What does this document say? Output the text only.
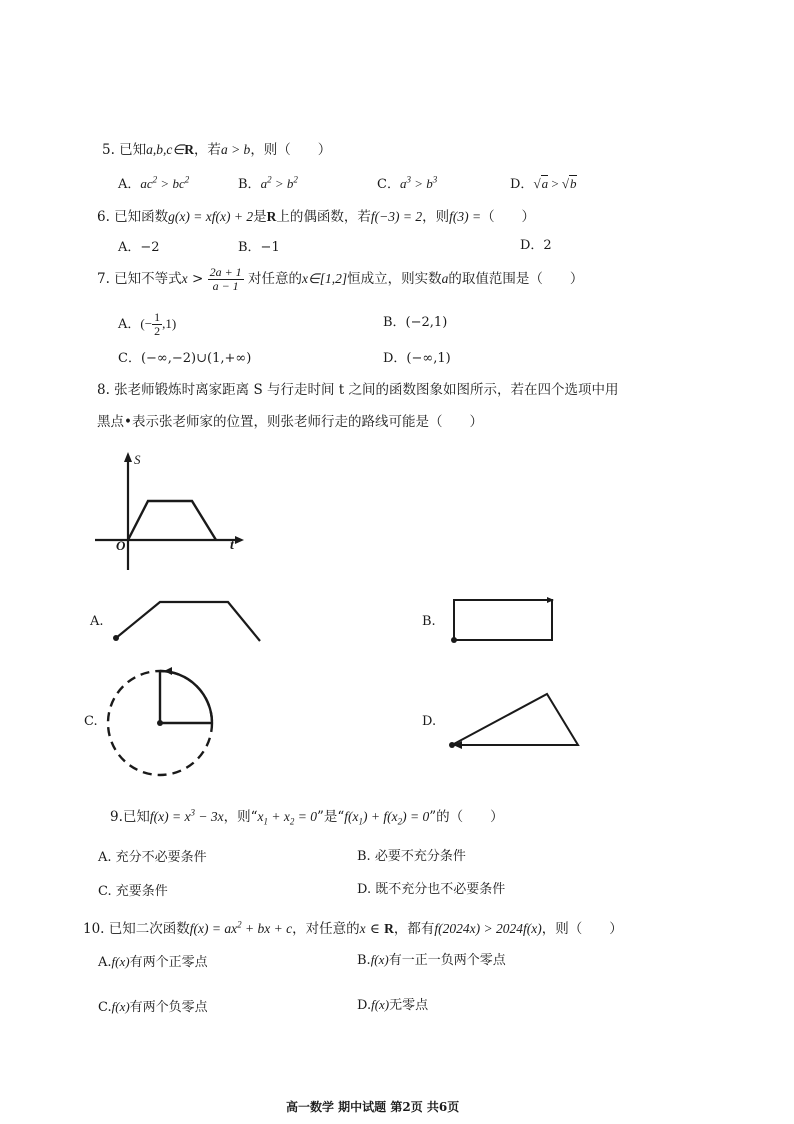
5. 已知a,b,c∈R，若a > b，则（　　）
A．$ac^2 > bc^2$	B．$a^2 > b^2$	C．$a^3 > b^3$	D．√a > √b
6. 已知函数g(x) = xf(x) + 2是R上的偶函数，若f(−3) = 2，则f(3) =（　　）
A．−2	B．−1	D．2
7. 已知不等式$x > \frac{2a + 1}{a - 1}$ 对任意的x∈[1,2]恒成立，则实数a的取值范围是（　　）
A．(− $\frac{1}{2} ,1$)	B．(−2,1)
C．(−∞,−2)∪(1,+∞)	D．(−∞,1)
8. 张老师锻炼时离家距离 S 与行走时间 t 之间的函数图象如图所示，若在四个选项中用
黑点•表示张老师家的位置，则张老师行走的路线可能是（　　）
S
t
O
A.	B.
C.	D.
9.已知$f(x) = x^3 - 3x$，则“$x_1 + x_2 = 0$”是“$f(x_1) + f(x_2) = 0$”的（　　）
A. 充分不必要条件	B. 必要不充分条件
C. 充要条件	D. 既不充分也不必要条件
10. 已知二次函数$f(x) = ax^2$ + bx + c，对任意的x ∈ R，都有f(2024x) > 2024f(x)，则（　　）
A.f(x)有两个正零点	B.f(x)有一正一负两个零点
C.f(x)有两个负零点	D.f(x)无零点
高一数学 期中试题 第2页 共6页
